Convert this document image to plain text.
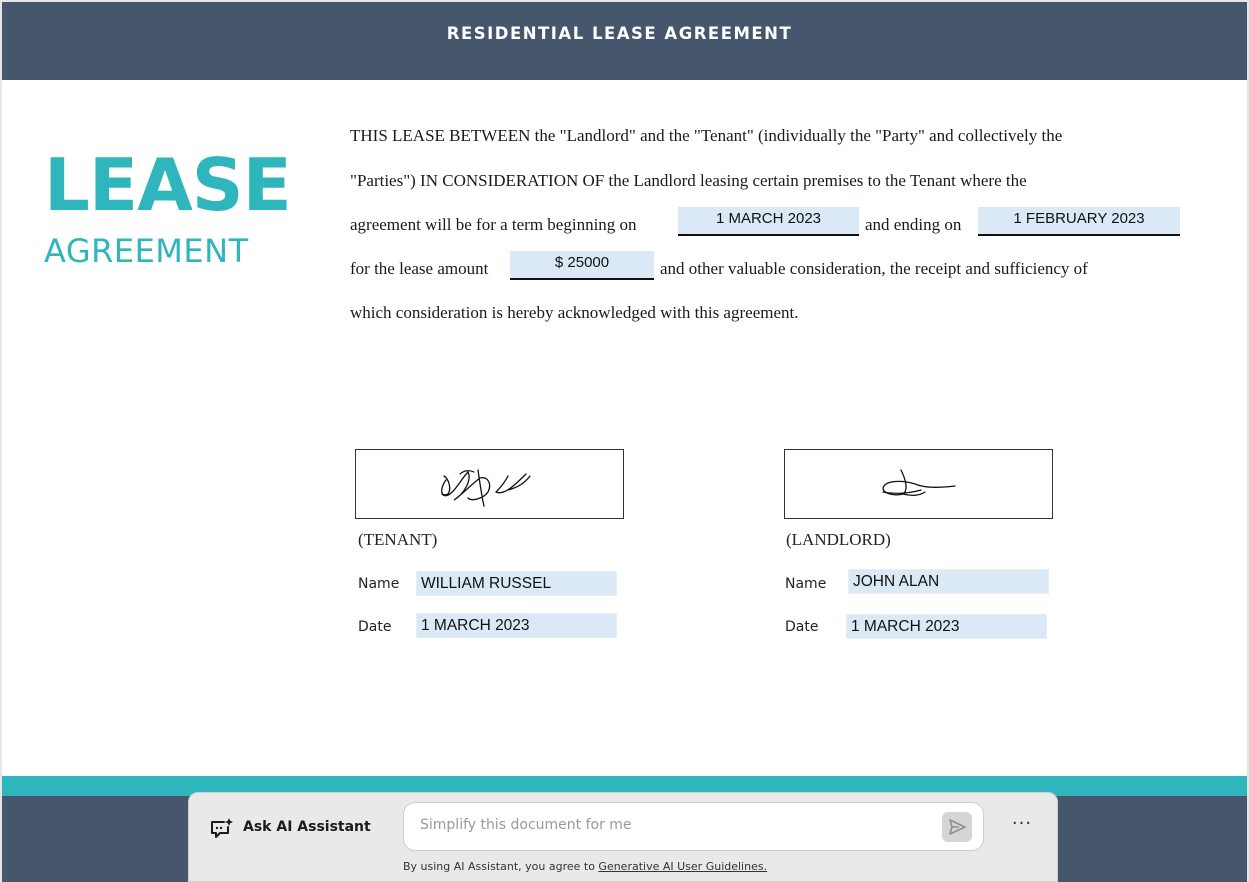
RESIDENTIAL LEASE AGREEMENT
LEASE
AGREEMENT
THIS LEASE BETWEEN the "Landlord" and the "Tenant" (individually the "Party" and collectively the
"Parties") IN CONSIDERATION OF the Landlord leasing certain premises to the Tenant where the
agreement will be for a term beginning on	1 MARCH 2023	and ending on	1 FEBRUARY 2023
for the lease amount	$ 25000	and other valuable consideration, the receipt and sufficiency of
which consideration is hereby acknowledged with this agreement.
(TENANT)	(LANDLORD)
Name	WILLIAM RUSSEL
Date	1 MARCH 2023
Name	JOHN ALAN
Date	1 MARCH 2023
Ask AI Assistant
Simplify this document for me	···
By using AI Assistant, you agree to Generative AI User Guidelines.
